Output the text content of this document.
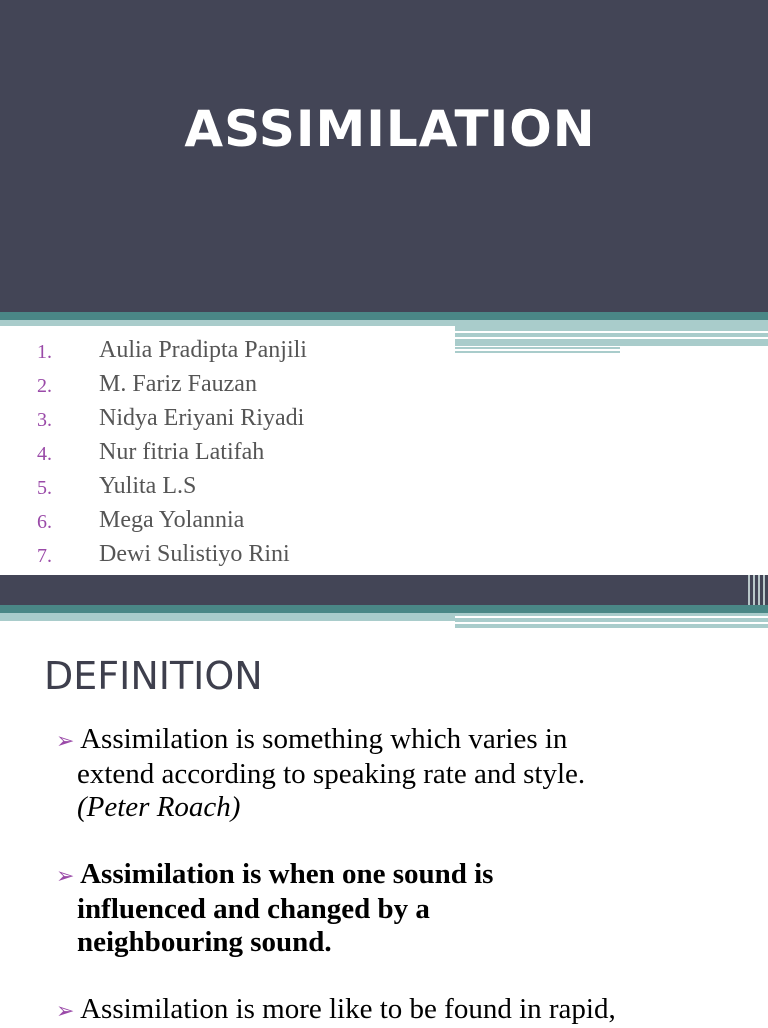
ASSIMILATION
1. Aulia Pradipta Panjili
2. M. Fariz Fauzan
3. Nidya Eriyani Riyadi
4. Nur fitria Latifah
5. Yulita L.S
6. Mega Yolannia
7. Dewi Sulistiyo Rini
DEFINITION
➢ Assimilation is something which varies in
extend according to speaking rate and style.
(Peter Roach)
➢ Assimilation is when one sound is
influenced and changed by a
neighbouring sound.
➢ Assimilation is more like to be found in rapid,
